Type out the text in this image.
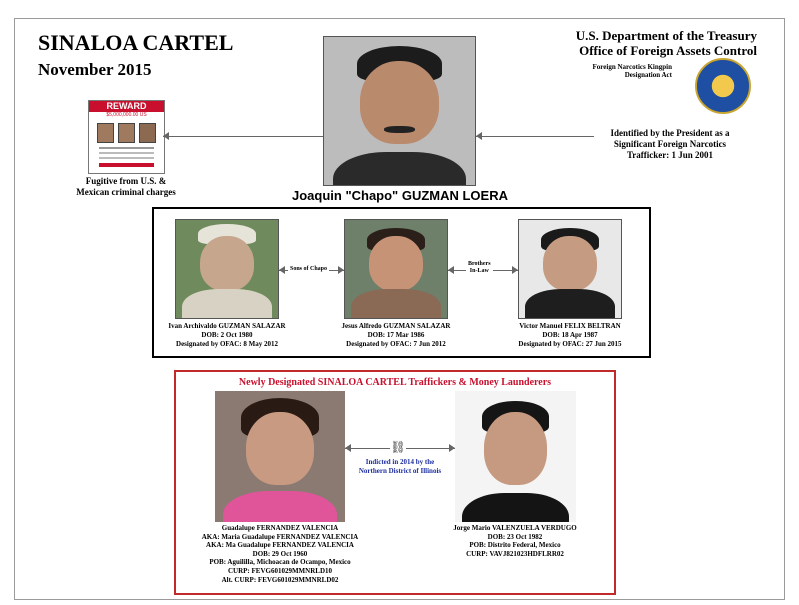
SINALOA CARTEL
November 2015
U.S. Department of the Treasury
Office of Foreign Assets Control
Foreign Narcotics Kingpin
Designation Act
REWARD
$5,000,000.00 US
Fugitive from U.S. &
Mexican criminal charges
Identified by the President as a
Significant Foreign Narcotics
Trafficker: 1 Jun 2001
Joaquin "Chapo" GUZMAN LOERA
Sons of Chapo
Brothers
In-Law
Ivan Archivaldo GUZMAN SALAZAR
DOB: 2 Oct 1980
Designated by OFAC: 8 May 2012
Jesus Alfredo GUZMAN SALAZAR
DOB: 17 Mar 1986
Designated by OFAC: 7 Jun 2012
Victor Manuel FELIX BELTRAN
DOB: 18 Apr 1987
Designated by OFAC: 27 Jun 2015
Newly Designated SINALOA CARTEL Traffickers & Money Launderers
⛓
Indicted in 2014 by the
Northern District of Illinois
Guadalupe FERNANDEZ VALENCIA
AKA: Maria Guadalupe FERNANDEZ VALENCIA
AKA: Ma Guadalupe FERNANDEZ VALENCIA
DOB: 29 Oct 1960
POB: Aguililla, Michoacan de Ocampo, Mexico
CURP: FEVG601029MMNRLD10
Alt. CURP: FEVG601029MMNRLD02
Jorge Mario VALENZUELA VERDUGO
DOB: 23 Oct 1982
POB: Distrito Federal, Mexico
CURP: VAVJ821023HDFLRR02
